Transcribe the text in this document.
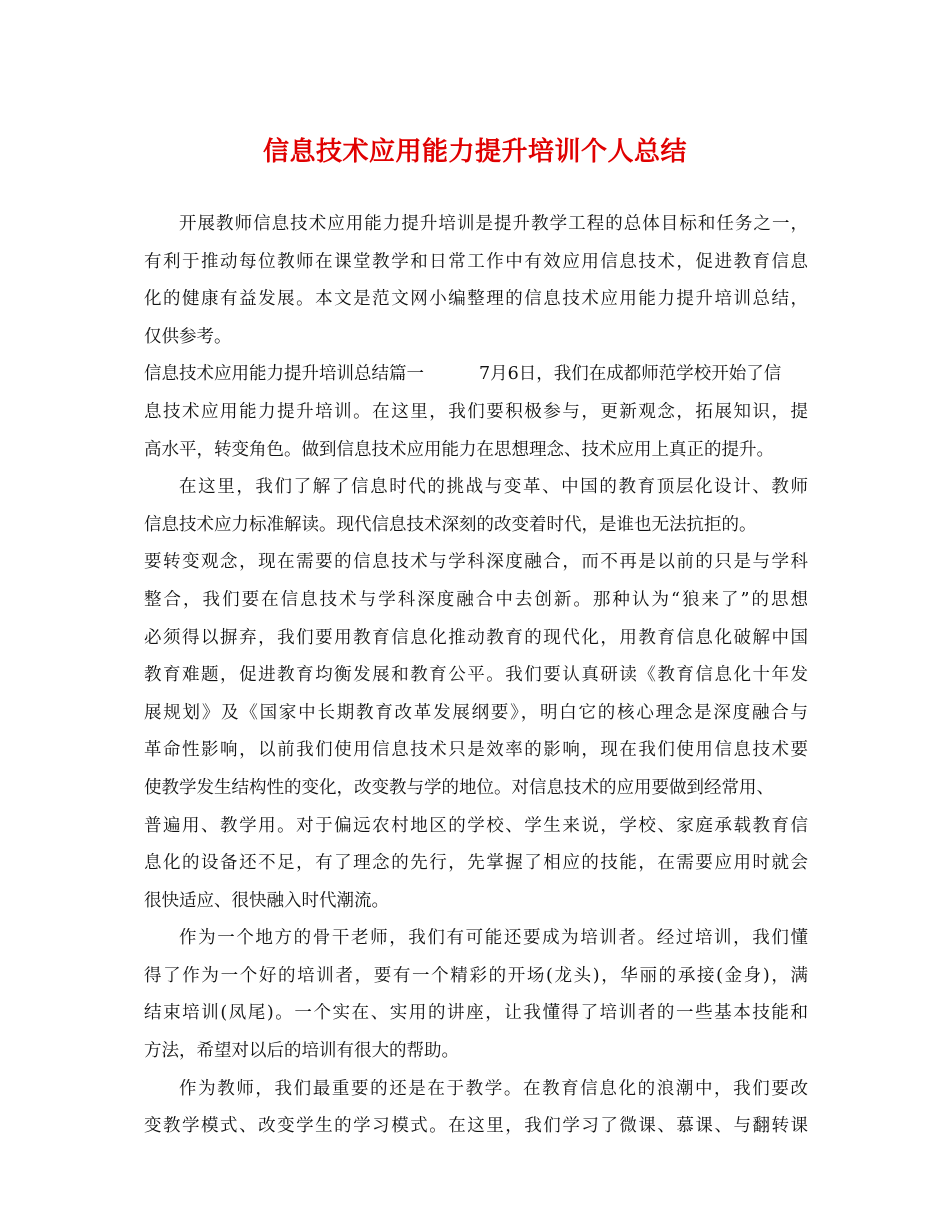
信息技术应用能力提升培训个人总结
开展教师信息技术应用能力提升培训是提升教学工程的总体目标和任务之一，
有利于推动每位教师在课堂教学和日常工作中有效应用信息技术，促进教育信息
化的健康有益发展。本文是范文网小编整理的信息技术应用能力提升培训总结，
仅供参考。
信息技术应用能力提升培训总结篇一	7月6日，我们在成都师范学校开始了信
息技术应用能力提升培训。在这里，我们要积极参与，更新观念，拓展知识，提
高水平，转变角色。做到信息技术应用能力在思想理念、技术应用上真正的提升。
在这里，我们了解了信息时代的挑战与变革、中国的教育顶层化设计、教师
信息技术应力标准解读。现代信息技术深刻的改变着时代，是谁也无法抗拒的。
要转变观念，现在需要的信息技术与学科深度融合，而不再是以前的只是与学科
整合，我们要在信息技术与学科深度融合中去创新。那种认为“狼来了”的思想
必须得以摒弃，我们要用教育信息化推动教育的现代化，用教育信息化破解中国
教育难题，促进教育均衡发展和教育公平。我们要认真研读《教育信息化十年发
展规划》及《国家中长期教育改革发展纲要》，明白它的核心理念是深度融合与
革命性影响，以前我们使用信息技术只是效率的影响，现在我们使用信息技术要
使教学发生结构性的变化，改变教与学的地位。对信息技术的应用要做到经常用、
普遍用、教学用。对于偏远农村地区的学校、学生来说，学校、家庭承载教育信
息化的设备还不足，有了理念的先行，先掌握了相应的技能，在需要应用时就会
很快适应、很快融入时代潮流。
作为一个地方的骨干老师，我们有可能还要成为培训者。经过培训，我们懂
得了作为一个好的培训者，要有一个精彩的开场(龙头)，华丽的承接(金身)，满
结束培训(凤尾)。一个实在、实用的讲座，让我懂得了培训者的一些基本技能和
方法，希望对以后的培训有很大的帮助。
作为教师，我们最重要的还是在于教学。在教育信息化的浪潮中，我们要改
变教学模式、改变学生的学习模式。在这里，我们学习了微课、慕课、与翻转课
